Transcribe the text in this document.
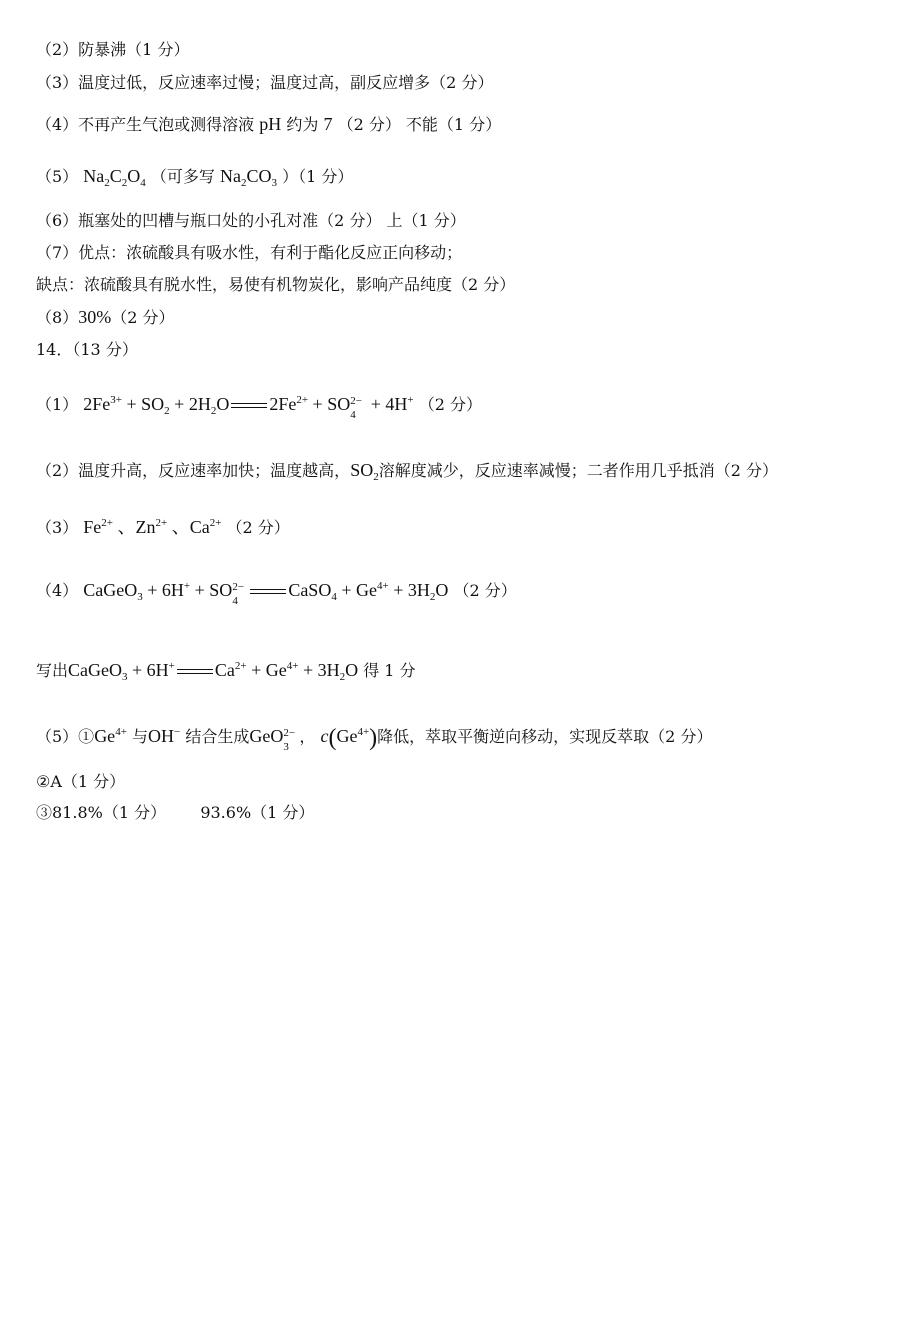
（2）防暴沸（1 分）
（3）温度过低，反应速率过慢；温度过高，副反应增多（2 分）
（4）不再产生气泡或测得溶液 pH 约为 7 （2 分） 不能（1 分）
（5） $Na_2C_2O_4$ （可多写 $Na_2CO_3$ ）（1 分）
（6）瓶塞处的凹槽与瓶口处的小孔对准（2 分） 上（1 分）
（7）优点：浓硫酸具有吸水性，有利于酯化反应正向移动；
缺点：浓硫酸具有脱水性，易使有机物炭化，影响产品纯度（2 分）
（8）30%（2 分）
14．（13 分）
（1） $2Fe^{3+} + SO_2 + 2H_2O$ $2Fe^{2+}$ + SO 2−
4
+ 4H+ （2 分）
（2）温度升高，反应速率加快；温度越高，$SO_2$溶解度减少，反应速率减慢；二者作用几乎抵消（2 分）
（3） $Fe^{2+}$ 、$Zn^{2+}$ 、$Ca^{2+}$ （2 分）
（4） CaGeO$_3$ + 6H+ + SO 2−
4
CaSO$_4$ + $Ge^{4+} + 3H_2O$ （2 分）
写出CaGeO$_3$ + 6H+ $Ca^{2+} + Ge^{4+} + 3H_2O$ 得 1 分
$(5)①Ge^{4+}$ 与OH− 结合生成GeO 2−
3
， $c(Ge^{4+})$降低，萃取平衡逆向移动，实现反萃取（2 分）
②A（1 分）
③81.8%（1 分） 93.6%（1 分）
